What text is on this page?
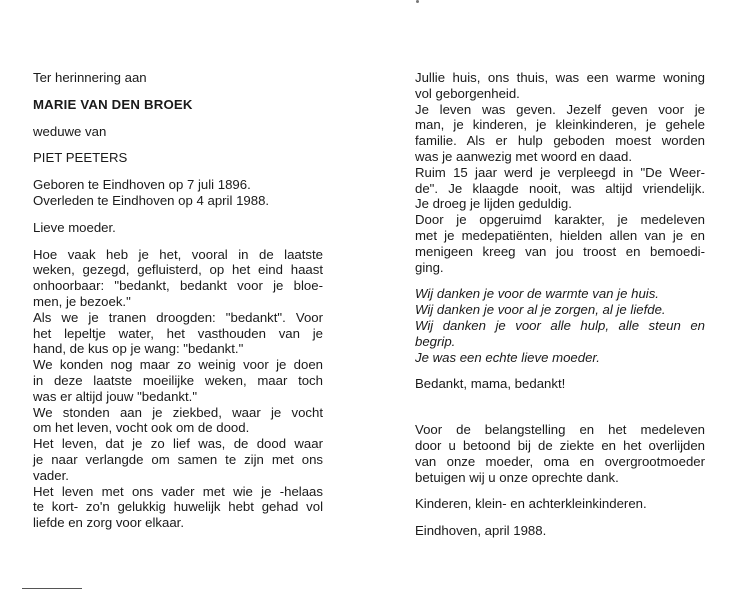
Ter herinnering aan
MARIE VAN DEN BROEK
weduwe van
PIET PEETERS
Geboren te Eindhoven op 7 juli 1896.
Overleden te Eindhoven op 4 april 1988.
Lieve moeder.
Hoe vaak heb je het, vooral in de laatste
weken, gezegd, gefluisterd, op het eind haast
onhoorbaar: "bedankt, bedankt voor je bloe-
men, je bezoek."
Als we je tranen droogden: "bedankt". Voor
het lepeltje water, het vasthouden van je
hand, de kus op je wang: "bedankt."
We konden nog maar zo weinig voor je doen
in deze laatste moeilijke weken, maar toch
was er altijd jouw "bedankt."
We stonden aan je ziekbed, waar je vocht
om het leven, vocht ook om de dood.
Het leven, dat je zo lief was, de dood waar
je naar verlangde om samen te zijn met ons
vader.
Het leven met ons vader met wie je -helaas
te kort- zo'n gelukkig huwelijk hebt gehad vol
liefde en zorg voor elkaar.
Jullie huis, ons thuis, was een warme woning
vol geborgenheid.
Je leven was geven. Jezelf geven voor je
man, je kinderen, je kleinkinderen, je gehele
familie. Als er hulp geboden moest worden
was je aanwezig met woord en daad.
Ruim 15 jaar werd je verpleegd in "De Weer-
de". Je klaagde nooit, was altijd vriendelijk.
Je droeg je lijden geduldig.
Door je opgeruimd karakter, je medeleven
met je medepatiënten, hielden allen van je en
menigeen kreeg van jou troost en bemoedi-
ging.
Wij danken je voor de warmte van je huis.
Wij danken je voor al je zorgen, al je liefde.
Wij danken je voor alle hulp, alle steun en
begrip.
Je was een echte lieve moeder.
Bedankt, mama, bedankt!
Voor de belangstelling en het medeleven
door u betoond bij de ziekte en het overlijden
van onze moeder, oma en overgrootmoeder
betuigen wij u onze oprechte dank.
Kinderen, klein- en achterkleinkinderen.
Eindhoven, april 1988.
